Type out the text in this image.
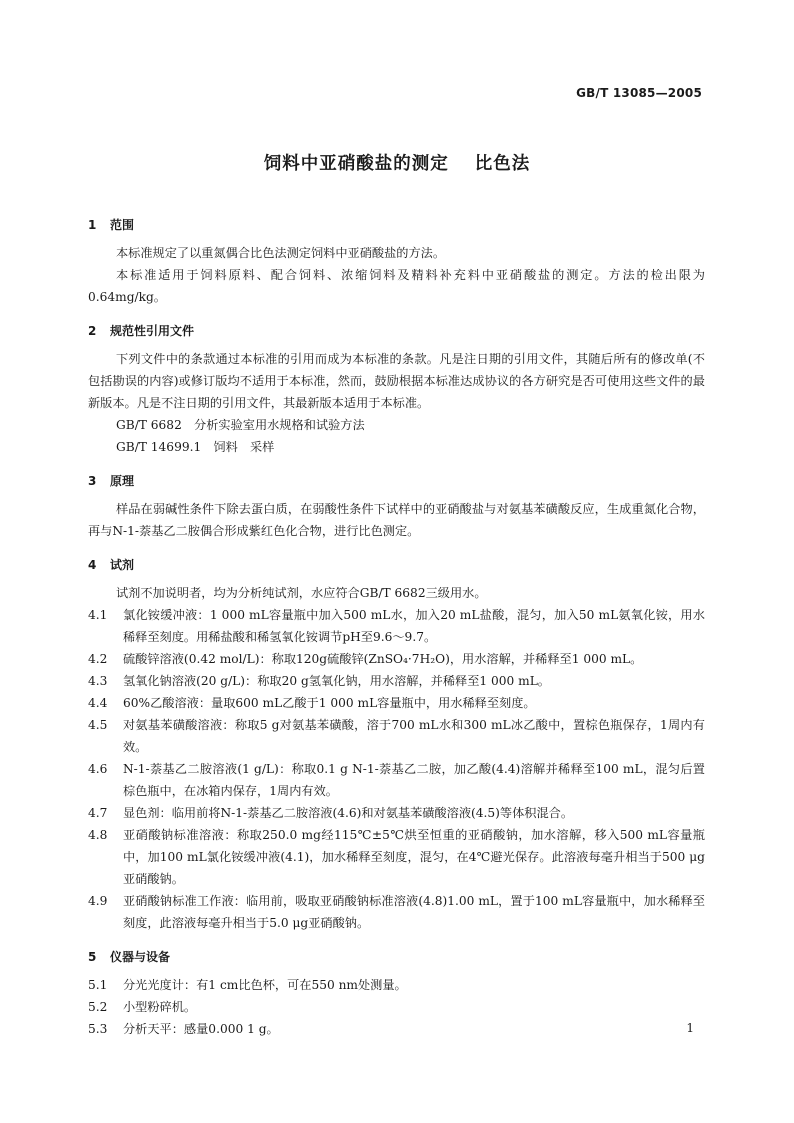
GB/T 13085—2005
饲料中亚硝酸盐的测定 比色法
1 范围
本标准规定了以重氮偶合比色法测定饲料中亚硝酸盐的方法。
本标准适用于饲料原料、配合饲料、浓缩饲料及精料补充料中亚硝酸盐的测定。方法的检出限为0.64mg/kg。
2 规范性引用文件
下列文件中的条款通过本标准的引用而成为本标准的条款。凡是注日期的引用文件，其随后所有的修改单(不包括勘误的内容)或修订版均不适用于本标准，然而，鼓励根据本标准达成协议的各方研究是否可使用这些文件的最新版本。凡是不注日期的引用文件，其最新版本适用于本标准。
GB/T 6682　分析实验室用水规格和试验方法
GB/T 14699.1　饲料　采样
3 原理
样品在弱碱性条件下除去蛋白质，在弱酸性条件下试样中的亚硝酸盐与对氨基苯磺酸反应，生成重氮化合物，再与N-1-萘基乙二胺偶合形成紫红色化合物，进行比色测定。
4 试剂
试剂不加说明者，均为分析纯试剂，水应符合GB/T 6682三级用水。
4.1	氯化铵缓冲液：1 000 mL容量瓶中加入500 mL水，加入20 mL盐酸，混匀，加入50 mL氨氧化铵，用水稀释至刻度。用稀盐酸和稀氢氧化铵调节pH至9.6～9.7。
4.2	硫酸锌溶液(0.42 mol/L)：称取120g硫酸锌(ZnSO₄·7H₂O)，用水溶解，并稀释至1 000 mL。
4.3	氢氧化钠溶液(20 g/L)：称取20 g氢氧化钠，用水溶解，并稀释至1 000 mL。
4.4	60%乙酸溶液：量取600 mL乙酸于1 000 mL容量瓶中，用水稀释至刻度。
4.5	对氨基苯磺酸溶液：称取5 g对氨基苯磺酸，溶于700 mL水和300 mL冰乙酸中，置棕色瓶保存，1周内有效。
4.6	N-1-萘基乙二胺溶液(1 g/L)：称取0.1 g N-1-萘基乙二胺，加乙酸(4.4)溶解并稀释至100 mL，混匀后置棕色瓶中，在冰箱内保存，1周内有效。
4.7	显色剂：临用前将N-1-萘基乙二胺溶液(4.6)和对氨基苯磺酸溶液(4.5)等体积混合。
4.8	亚硝酸钠标准溶液：称取250.0 mg经115℃±5℃烘至恒重的亚硝酸钠，加水溶解，移入500 mL容量瓶中，加100 mL氯化铵缓冲液(4.1)，加水稀释至刻度，混匀，在4℃避光保存。此溶液每毫升相当于500 μg亚硝酸钠。
4.9	亚硝酸钠标准工作液：临用前，吸取亚硝酸钠标准溶液(4.8)1.00 mL，置于100 mL容量瓶中，加水稀释至刻度，此溶液每毫升相当于5.0 μg亚硝酸钠。
5 仪器与设备
5.1	分光光度计：有1 cm比色杯，可在550 nm处测量。
5.2	小型粉碎机。
5.3	分析天平：感量0.000 1 g。	1
